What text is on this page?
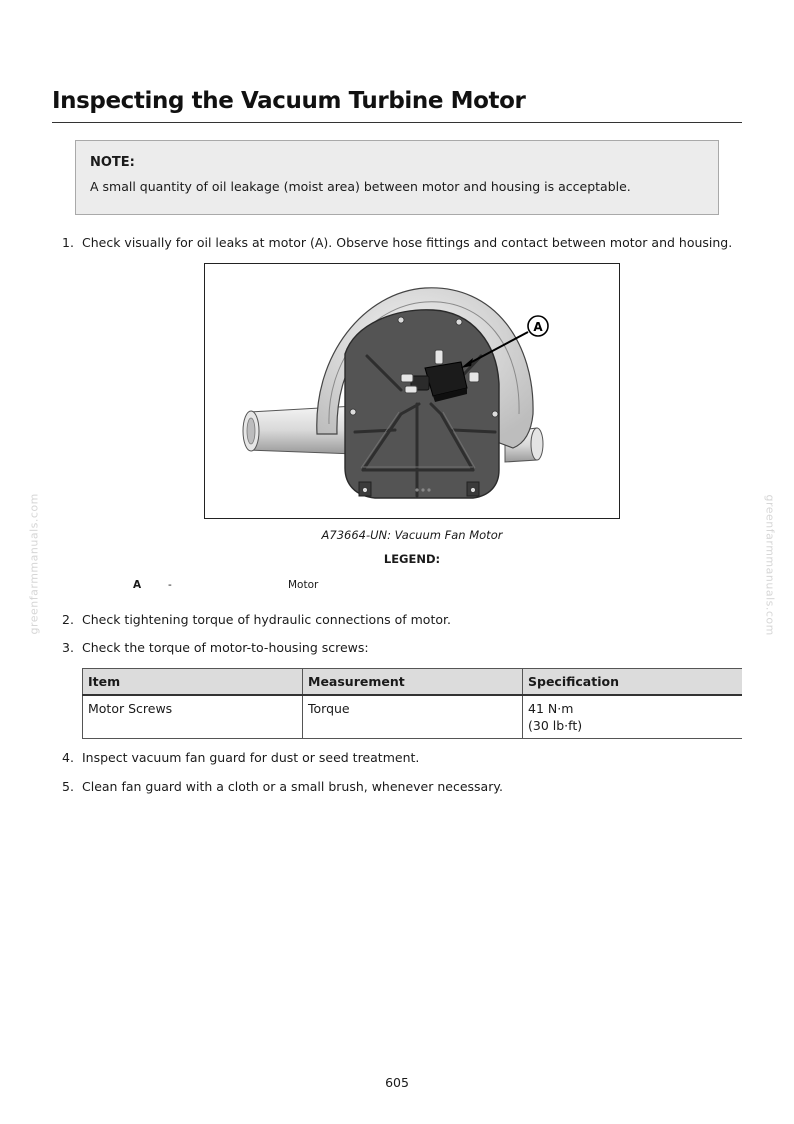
Inspecting the Vacuum Turbine Motor
NOTE:
A small quantity of oil leakage (moist area) between motor and housing is acceptable.
1. Check visually for oil leaks at motor (A). Observe hose fittings and contact between motor and housing.
A
A73664-UN: Vacuum Fan Motor
LEGEND:
A	-	Motor
2. Check tightening torque of hydraulic connections of motor.
3. Check the torque of motor-to-housing screws:
Item	Measurement	Specification
Motor Screws	Torque	41 N·m
(30 lb·ft)
4. Inspect vacuum fan guard for dust or seed treatment.
5. Clean fan guard with a cloth or a small brush, whenever necessary.
greenfarmmanuals.com	greenfarmmanuals.com
605
